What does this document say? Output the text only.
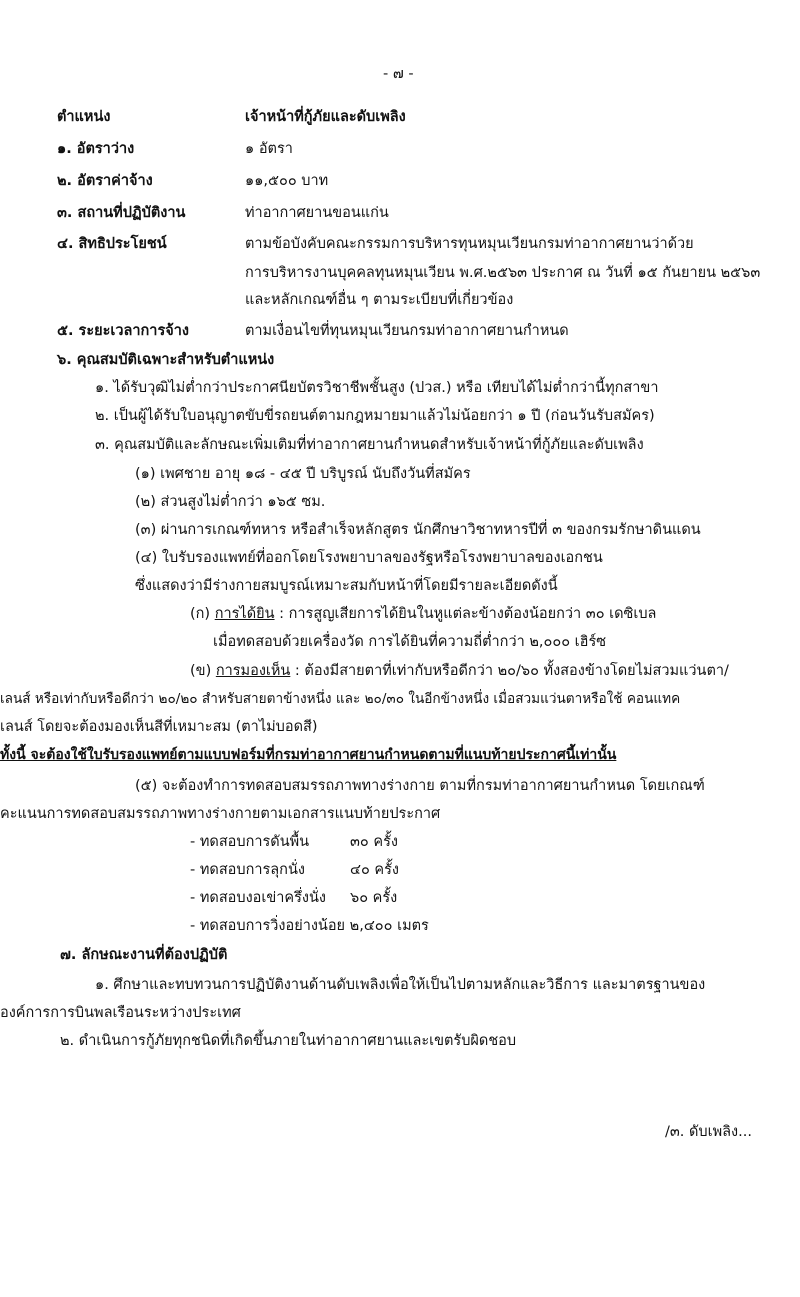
- ๗ -
ตำแหน่ง	เจ้าหน้าที่กู้ภัยและดับเพลิง
๑. อัตราว่าง	๑ อัตรา
๒. อัตราค่าจ้าง	๑๑,๕๐๐ บาท
๓. สถานที่ปฏิบัติงาน	ท่าอากาศยานขอนแก่น
๔. สิทธิประโยชน์	ตามข้อบังคับคณะกรรมการบริหารทุนหมุนเวียนกรมท่าอากาศยานว่าด้วย
การบริหารงานบุคคลทุนหมุนเวียน พ.ศ.๒๕๖๓ ประกาศ ณ วันที่ ๑๕ กันยายน ๒๕๖๓
และหลักเกณฑ์อื่น ๆ ตามระเบียบที่เกี่ยวข้อง
๕. ระยะเวลาการจ้าง	ตามเงื่อนไขที่ทุนหมุนเวียนกรมท่าอากาศยานกำหนด
๖. คุณสมบัติเฉพาะสำหรับตำแหน่ง
๑. ได้รับวุฒิไม่ต่ำกว่าประกาศนียบัตรวิชาชีพชั้นสูง (ปวส.) หรือ เทียบได้ไม่ต่ำกว่านี้ทุกสาขา
๒. เป็นผู้ได้รับใบอนุญาตขับขี่รถยนต์ตามกฎหมายมาแล้วไม่น้อยกว่า ๑ ปี (ก่อนวันรับสมัคร)
๓. คุณสมบัติและลักษณะเพิ่มเติมที่ท่าอากาศยานกำหนดสำหรับเจ้าหน้าที่กู้ภัยและดับเพลิง
(๑) เพศชาย อายุ ๑๘ - ๔๕ ปี บริบูรณ์ นับถึงวันที่สมัคร
(๒) ส่วนสูงไม่ต่ำกว่า ๑๖๕ ซม.
(๓) ผ่านการเกณฑ์ทหาร หรือสำเร็จหลักสูตร นักศึกษาวิชาทหารปีที่ ๓ ของกรมรักษาดินแดน
(๔) ใบรับรองแพทย์ที่ออกโดยโรงพยาบาลของรัฐหรือโรงพยาบาลของเอกชน
ซึ่งแสดงว่ามีร่างกายสมบูรณ์เหมาะสมกับหน้าที่โดยมีรายละเอียดดังนี้
(ก) การได้ยิน : การสูญเสียการได้ยินในหูแต่ละข้างต้องน้อยกว่า ๓๐ เดซิเบล
เมื่อทดสอบด้วยเครื่องวัด การได้ยินที่ความถี่ต่ำกว่า ๒,๐๐๐ เฮิร์ซ
(ข) การมองเห็น : ต้องมีสายตาที่เท่ากับหรือดีกว่า ๒๐/๖๐ ทั้งสองข้างโดยไม่สวมแว่นตา/
เลนส์ หรือเท่ากับหรือดีกว่า ๒๐/๒๐ สำหรับสายตาข้างหนึ่ง และ ๒๐/๓๐ ในอีกข้างหนึ่ง เมื่อสวมแว่นตาหรือใช้ คอนแทค
เลนส์ โดยจะต้องมองเห็นสีที่เหมาะสม (ตาไม่บอดสี)
ทั้งนี้ จะต้องใช้ใบรับรองแพทย์ตามแบบฟอร์มที่กรมท่าอากาศยานกำหนดตามที่แนบท้ายประกาศนี้เท่านั้น
(๕) จะต้องทำการทดสอบสมรรถภาพทางร่างกาย ตามที่กรมท่าอากาศยานกำหนด โดยเกณฑ์
คะแนนการทดสอบสมรรถภาพทางร่างกายตามเอกสารแนบท้ายประกาศ
- ทดสอบการดันพื้น	๓๐ ครั้ง
- ทดสอบการลุกนั่ง	๔๐ ครั้ง
- ทดสอบงอเข่าครึ่งนั่ง ๖๐ ครั้ง
- ทดสอบการวิ่งอย่างน้อย ๒,๔๐๐ เมตร
๗. ลักษณะงานที่ต้องปฏิบัติ
๑. ศึกษาและทบทวนการปฏิบัติงานด้านดับเพลิงเพื่อให้เป็นไปตามหลักและวิธีการ และมาตรฐานของ
องค์การการบินพลเรือนระหว่างประเทศ
๒. ดำเนินการกู้ภัยทุกชนิดที่เกิดขึ้นภายในท่าอากาศยานและเขตรับผิดชอบ
/๓. ดับเพลิง...
